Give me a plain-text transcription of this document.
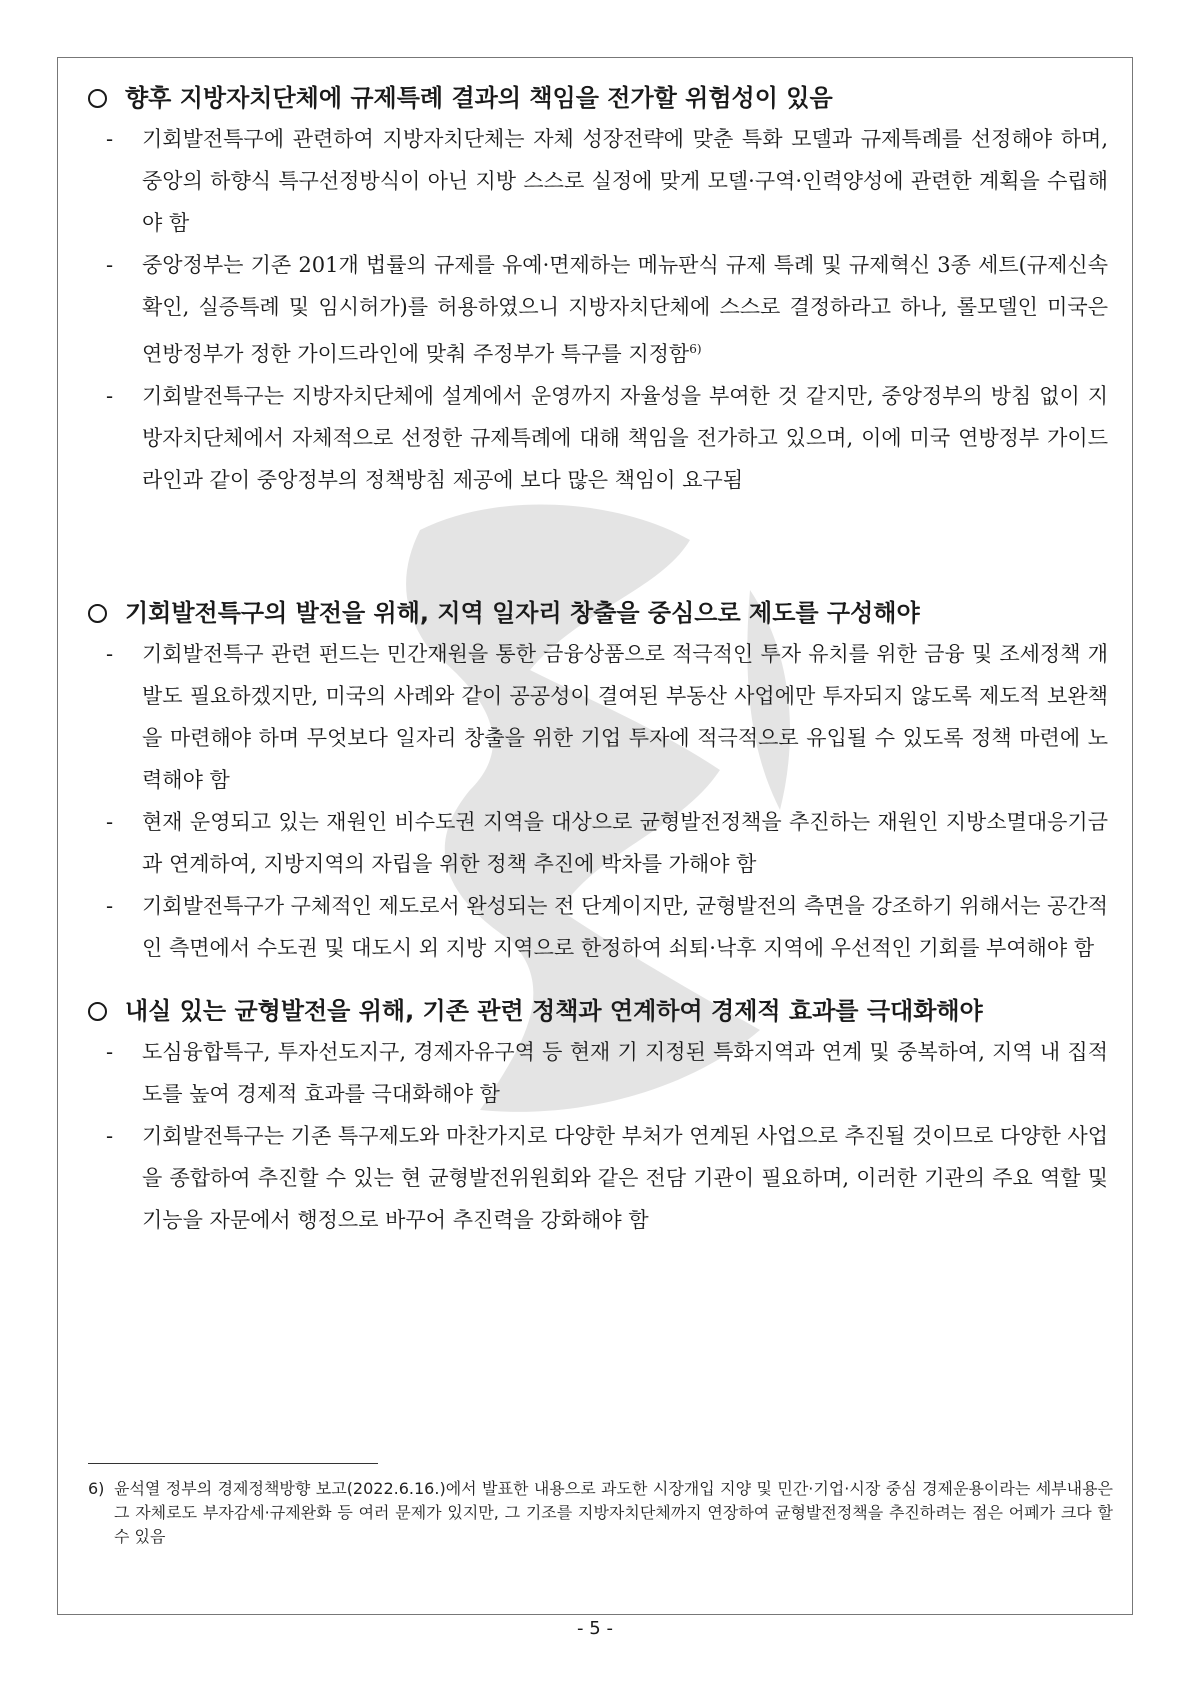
향후 지방자치단체에 규제특례 결과의 책임을 전가할 위험성이 있음
-	기회발전특구에 관련하여 지방자치단체는 자체 성장전략에 맞춘 특화 모델과 규제특례를 선정해야 하며, 중앙의 하향식 특구선정방식이 아닌 지방 스스로 실정에 맞게 모델·구역·인력양성에 관련한 계획을 수립해야 함
-	중앙정부는 기존 201개 법률의 규제를 유예·면제하는 메뉴판식 규제 특례 및 규제혁신 3종 세트(규제신속확인, 실증특례 및 임시허가)를 허용하였으니 지방자치단체에 스스로 결정하라고 하나, 롤모델인 미국은 연방정부가 정한 가이드라인에 맞춰 주정부가 특구를 지정함$^{6)}$
-	기회발전특구는 지방자치단체에 설계에서 운영까지 자율성을 부여한 것 같지만, 중앙정부의 방침 없이 지방자치단체에서 자체적으로 선정한 규제특례에 대해 책임을 전가하고 있으며, 이에 미국 연방정부 가이드라인과 같이 중앙정부의 정책방침 제공에 보다 많은 책임이 요구됨
기회발전특구의 발전을 위해, 지역 일자리 창출을 중심으로 제도를 구성해야
-	기회발전특구 관련 펀드는 민간재원을 통한 금융상품으로 적극적인 투자 유치를 위한 금융 및 조세정책 개발도 필요하겠지만, 미국의 사례와 같이 공공성이 결여된 부동산 사업에만 투자되지 않도록 제도적 보완책을 마련해야 하며 무엇보다 일자리 창출을 위한 기업 투자에 적극적으로 유입될 수 있도록 정책 마련에 노력해야 함
-	현재 운영되고 있는 재원인 비수도권 지역을 대상으로 균형발전정책을 추진하는 재원인 지방소멸대응기금과 연계하여, 지방지역의 자립을 위한 정책 추진에 박차를 가해야 함
-	기회발전특구가 구체적인 제도로서 완성되는 전 단계이지만, 균형발전의 측면을 강조하기 위해서는 공간적인 측면에서 수도권 및 대도시 외 지방 지역으로 한정하여 쇠퇴·낙후 지역에 우선적인 기회를 부여해야 함
내실 있는 균형발전을 위해, 기존 관련 정책과 연계하여 경제적 효과를 극대화해야
-	도심융합특구, 투자선도지구, 경제자유구역 등 현재 기 지정된 특화지역과 연계 및 중복하여, 지역 내 집적도를 높여 경제적 효과를 극대화해야 함
-	기회발전특구는 기존 특구제도와 마찬가지로 다양한 부처가 연계된 사업으로 추진될 것이므로 다양한 사업을 종합하여 추진할 수 있는 현 균형발전위원회와 같은 전담 기관이 필요하며, 이러한 기관의 주요 역할 및 기능을 자문에서 행정으로 바꾸어 추진력을 강화해야 함
6) 윤석열 정부의 경제정책방향 보고(2022.6.16.)에서 발표한 내용으로 과도한 시장개입 지양 및 민간·기업·시장 중심 경제운용이라는 세부내용은 그 자체로도 부자감세·규제완화 등 여러 문제가 있지만, 그 기조를 지방자치단체까지 연장하여 균형발전정책을 추진하려는 점은 어폐가 크다 할 수 있음
- 5 -
